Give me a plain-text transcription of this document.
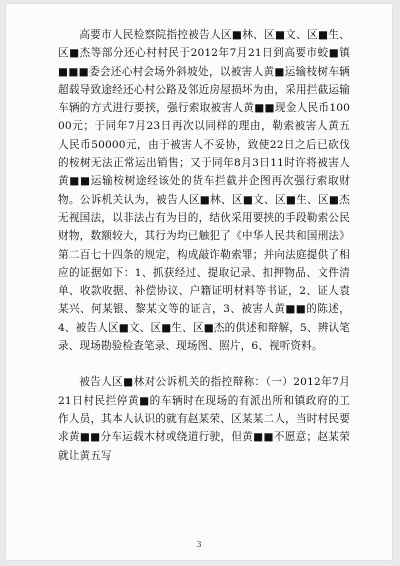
高要市人民检察院指控被告人区■林、区■文、区■生、区■杰等部分还心村村民于2012年7月21日到高要市蛟■镇■■■委会还心村会场外斜坡处，以被害人黄■运输枝树车辆超载导致途经还心村公路及邻近房屋损坏为由，采用拦截运输车辆的方式进行要挟，强行索取被害人黄■■现金人民币10000元；于同年7月23日再次以同样的理由，勒索被害人黄五人民币50000元，由于被害人不妥协，致使22日之后已砍伐的桉树无法正常运出销售；又于同年8月3日11时许将被害人黄■■运输桉树途经该处的货车拦截并企图再次强行索取财物。公诉机关认为，被告人区■林、区■文、区■生、区■杰无视国法，以非法占有为目的，结伙采用要挟的手段勒索公民财物，数额较大，其行为均已触犯了《中华人民共和国刑法》第二百七十四条的规定，构成敲诈勒索罪；并向法庭提供了相应的证据如下：1、抓获经过、提取记录、扣押物品、文件清单、收款收据、补偿协议、户籍证明材料等书证，2、证人袁某兴、何某银、黎某文等的证言，3、被害人黄■■的陈述，4、被告人区■文、区■生、区■杰的供述和辩解，5、辨认笔录、现场勘验检查笔录、现场图、照片，6、视听资料。

被告人区■林对公诉机关的指控辩称：（一）2012年7月21日村民拦停黄■的车辆时在现场的有派出所和镇政府的工作人员，其本人认识的就有赵某荣、区某某二人，当时村民要求黄■■分车运载木材或绕道行驶，但黄■■不愿意；赵某荣就让黄五写

3
